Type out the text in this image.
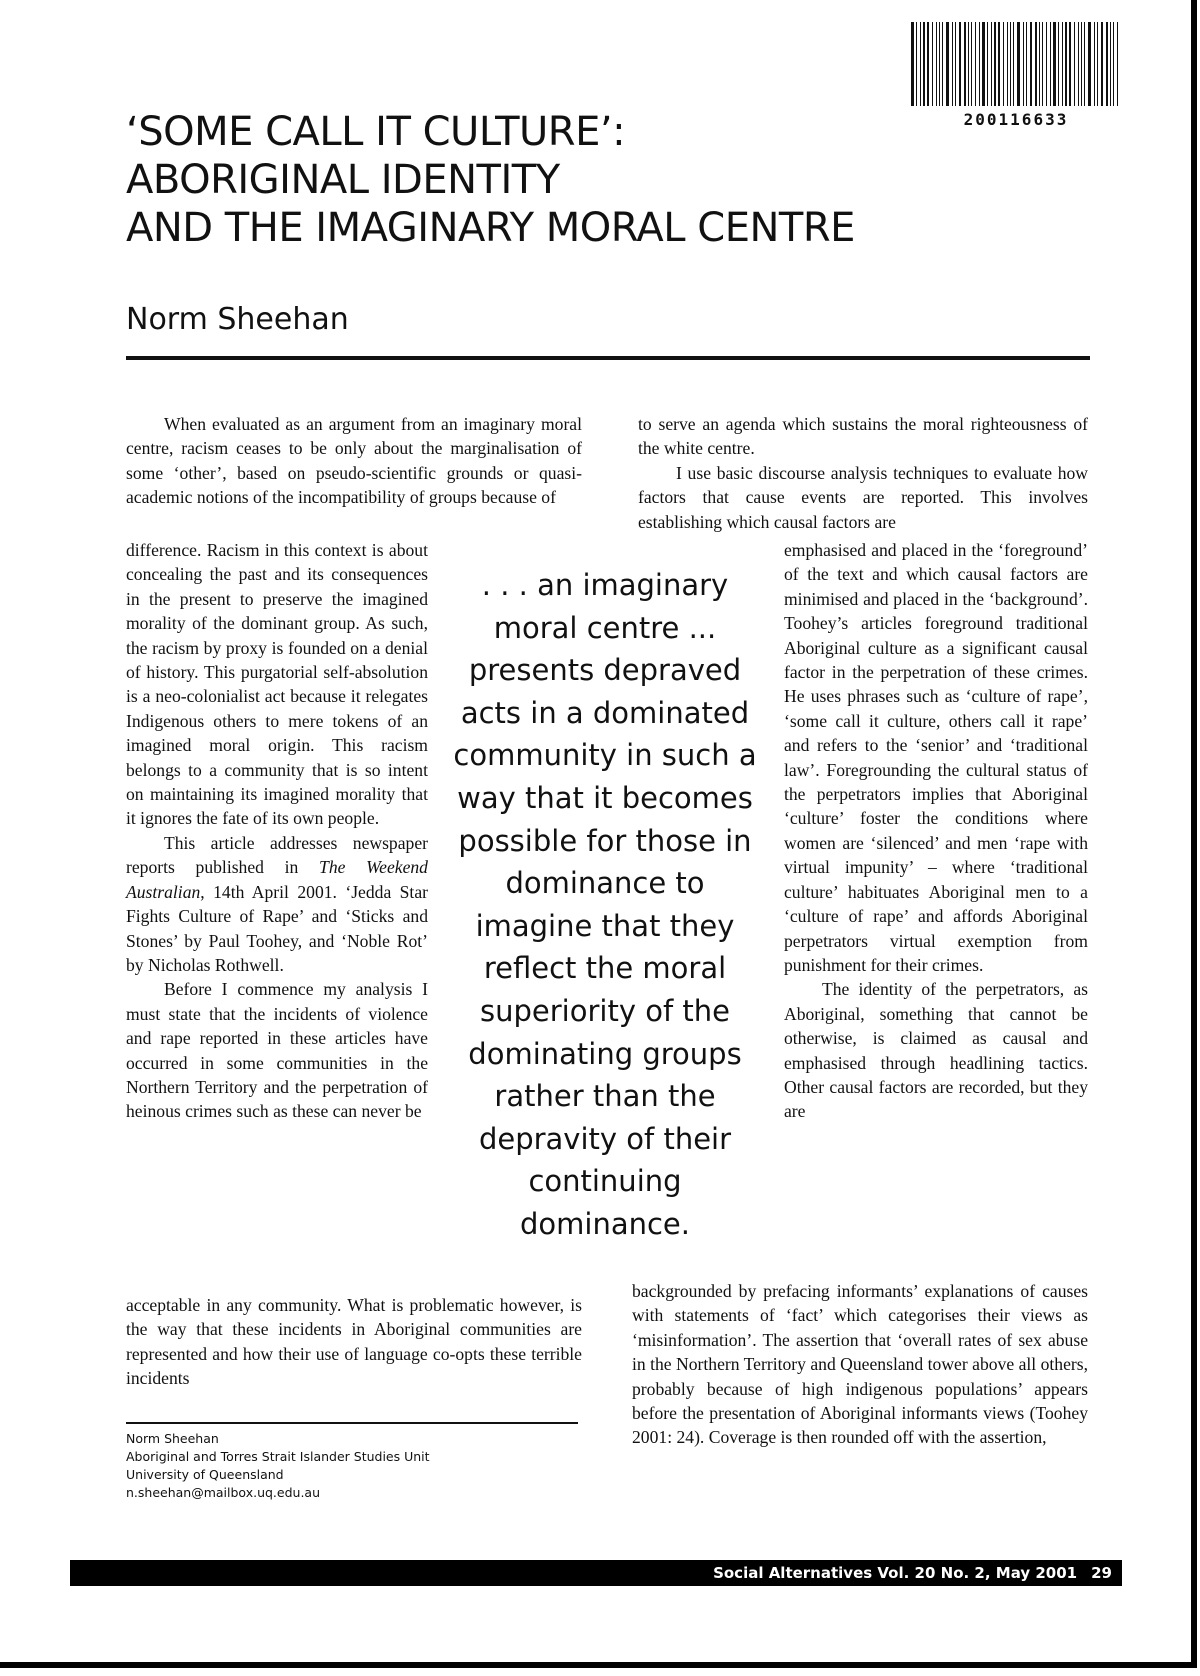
200116633
‘SOME CALL IT CULTURE’:
ABORIGINAL IDENTITY
AND THE IMAGINARY MORAL CENTRE
Norm Sheehan

When evaluated as an argument from an imaginary moral centre, racism ceases to be only about the marginalisation of some ‘other’, based on pseudo-scientific grounds or quasi-academic notions of the incompatibility of groups because of

difference. Racism in this context is about concealing the past and its consequences in the present to preserve the imagined morality of the dominant group. As such, the racism by proxy is founded on a denial of history. This purgatorial self-absolution is a neo-colonialist act because it relegates Indigenous others to mere tokens of an imagined moral origin. This racism belongs to a community that is so intent on maintaining its imagined morality that it ignores the fate of its own people.

This article addresses newspaper reports published in The Weekend Australian, 14th April 2001. ‘Jedda Star Fights Culture of Rape’ and ‘Sticks and Stones’ by Paul Toohey, and ‘Noble Rot’ by Nicholas Rothwell.

Before I commence my analysis I must state that the incidents of violence and rape reported in these articles have occurred in some communities in the Northern Territory and the perpetration of heinous crimes such as these can never be

acceptable in any community. What is problematic however, is the way that these incidents in Aboriginal communities are represented and how their use of language co-opts these terrible incidents

to serve an agenda which sustains the moral righteousness of the white centre.

I use basic discourse analysis techniques to evaluate how factors that cause events are reported. This involves establishing which causal factors are

emphasised and placed in the ‘foreground’ of the text and which causal factors are minimised and placed in the ‘background’. Toohey’s articles foreground traditional Aboriginal culture as a significant causal factor in the perpetration of these crimes. He uses phrases such as ‘culture of rape’, ‘some call it culture, others call it rape’ and refers to the ‘senior’ and ‘traditional law’. Foregrounding the cultural status of the perpetrators implies that Aboriginal ‘culture’ foster the conditions where women are ‘silenced’ and men ‘rape with virtual impunity’ – where ‘traditional culture’ habituates Aboriginal men to a ‘culture of rape’ and affords Aboriginal perpetrators virtual exemption from punishment for their crimes.

The identity of the perpetrators, as Aboriginal, something that cannot be otherwise, is claimed as causal and emphasised through headlining tactics. Other causal factors are recorded, but they are

backgrounded by prefacing informants’ explanations of causes with statements of ‘fact’ which categorises their views as ‘misinformation’. The assertion that ‘overall rates of sex abuse in the Northern Territory and Queensland tower above all others, probably because of high indigenous populations’ appears before the presentation of Aboriginal informants views (Toohey 2001: 24). Coverage is then rounded off with the assertion,

. . . an imaginary
moral centre ...
presents depraved
acts in a dominated
community in such a
way that it becomes
possible for those in
dominance to
imagine that they
reflect the moral
superiority of the
dominating groups
rather than the
depravity of their
continuing
dominance.
Norm Sheehan
Aboriginal and Torres Strait Islander Studies Unit
University of Queensland
n.sheehan@mailbox.uq.edu.au
Social Alternatives Vol. 20 No. 2, May 2001 29
